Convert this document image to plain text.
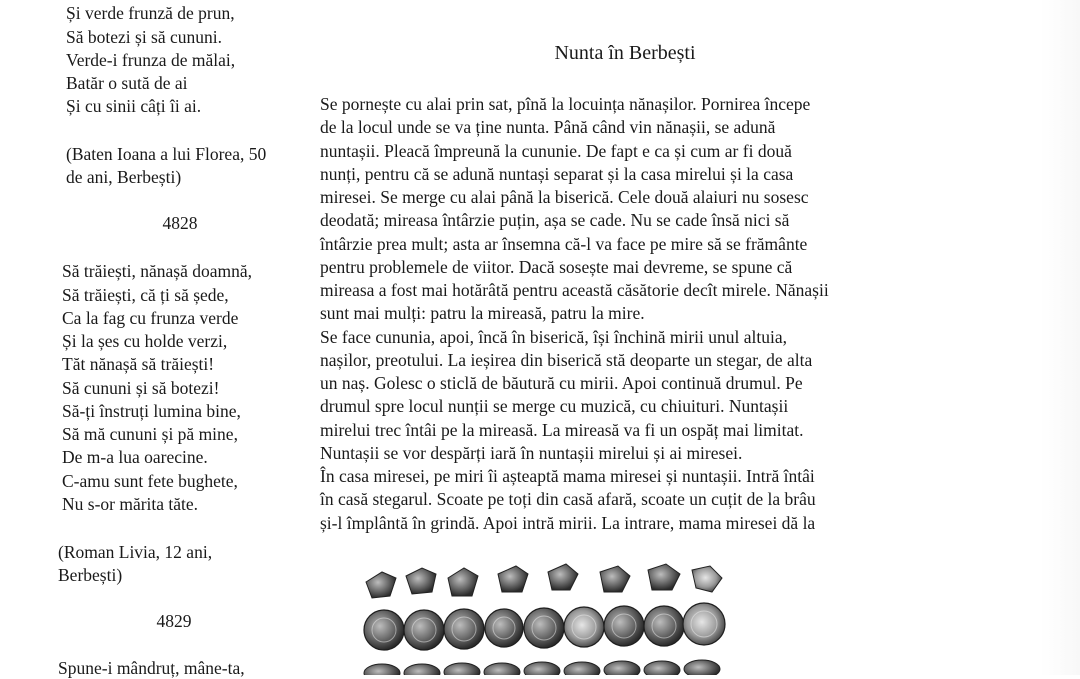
Și verde frunză de prun,
Să botezi și să cununi.
Verde-i frunza de mălai,
Batăr o sută de ai
Și cu sinii câți îi ai.
(Baten Ioana a lui Florea, 50
de ani, Berbești)
4828
Să trăiești, nănașă doamnă,
Să trăiești, că ți să șede,
Ca la fag cu frunza verde
Și la șes cu holde verzi,
Tăt nănașă să trăiești!
Să cununi și să botezi!
Să-ți înstruți lumina bine,
Să mă cununi și pă mine,
De m-a lua oarecine.
C-amu sunt fete bughete,
Nu s-or mărita tăte.
(Roman Livia, 12 ani,
Berbești)
4829
Spune-i mândruț, mâne-ta,
Nunta în Berbești
Se pornește cu alai prin sat, pînă la locuința nănașilor. Pornirea începe
de la locul unde se va ține nunta. Până când vin nănașii, se adună
nuntașii. Pleacă împreună la cununie. De fapt e ca și cum ar fi două
nunți, pentru că se adună nuntași separat și la casa mirelui și la casa
miresei. Se merge cu alai până la biserică. Cele două alaiuri nu sosesc
deodată; mireasa întârzie puțin, așa se cade. Nu se cade însă nici să
întârzie prea mult; asta ar însemna că-l va face pe mire să se frământe
pentru problemele de viitor. Dacă sosește mai devreme, se spune că
mireasa a fost mai hotărâtă pentru această căsătorie decît mirele. Nănașii
sunt mai mulți: patru la mireasă, patru la mire.
Se face cununia, apoi, încă în biserică, își închină mirii unul altuia,
nașilor, preotului. La ieșirea din biserică stă deoparte un stegar, de alta
un naș. Golesc o sticlă de băutură cu mirii. Apoi continuă drumul. Pe
drumul spre locul nunții se merge cu muzică, cu chiuituri. Nuntașii
mirelui trec întâi pe la mireasă. La mireasă va fi un ospăț mai limitat.
Nuntașii se vor despărți iară în nuntașii mirelui și ai miresei.
În casa miresei, pe miri îi așteaptă mama miresei și nuntașii. Intră întâi
în casă stegarul. Scoate pe toți din casă afară, scoate un cuțit de la brâu
și-l împlântă în grindă. Apoi intră mirii. La intrare, mama miresei dă la
